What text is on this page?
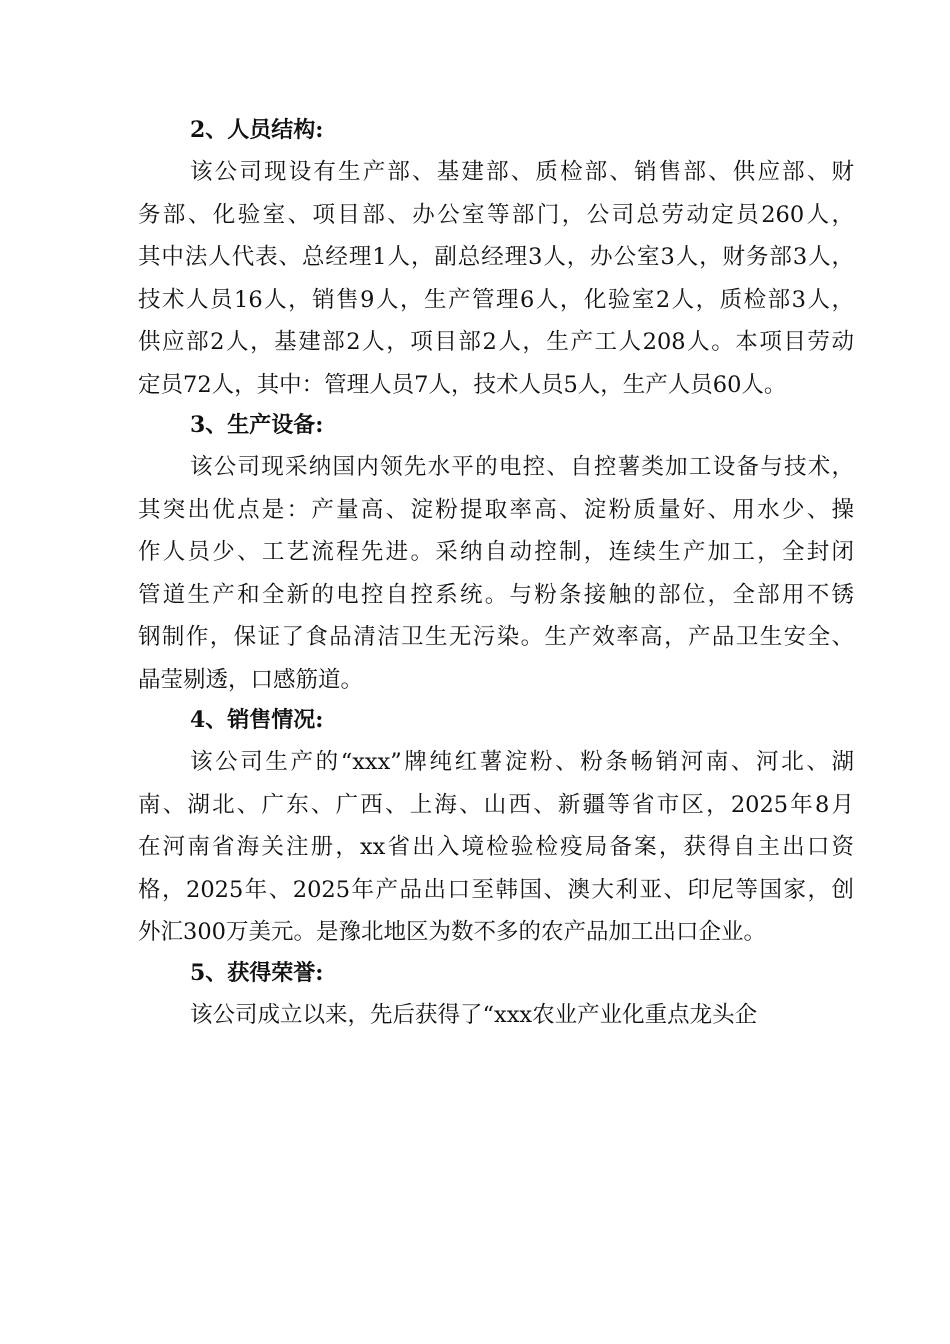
2、人员结构:

该公司现设有生产部、基建部、质检部、销售部、供应部、财
务部、化验室、项目部、办公室等部门，公司总劳动定员260人，
其中法人代表、总经理1人，副总经理3人，办公室3人，财务部3人，
技术人员16人，销售9人，生产管理6人，化验室2人，质检部3人，
供应部2人，基建部2人，项目部2人，生产工人208人。本项目劳动
定员72人，其中：管理人员7人，技术人员5人，生产人员60人。

3、生产设备:

该公司现采纳国内领先水平的电控、自控薯类加工设备与技术，
其突出优点是：产量高、淀粉提取率高、淀粉质量好、用水少、操
作人员少、工艺流程先进。采纳自动控制，连续生产加工，全封闭
管道生产和全新的电控自控系统。与粉条接触的部位，全部用不锈
钢制作，保证了食品清洁卫生无污染。生产效率高，产品卫生安全、
晶莹剔透，口感筋道。

4、销售情况:

该公司生产的“xxx”牌纯红薯淀粉、粉条畅销河南、河北、湖
南、湖北、广东、广西、上海、山西、新疆等省市区，2025年8月
在河南省海关注册，xx省出入境检验检疫局备案，获得自主出口资
格，2025年、2025年产品出口至韩国、澳大利亚、印尼等国家，创
外汇300万美元。是豫北地区为数不多的农产品加工出口企业。

5、获得荣誉:

该公司成立以来，先后获得了“xxx农业产业化重点龙头企
